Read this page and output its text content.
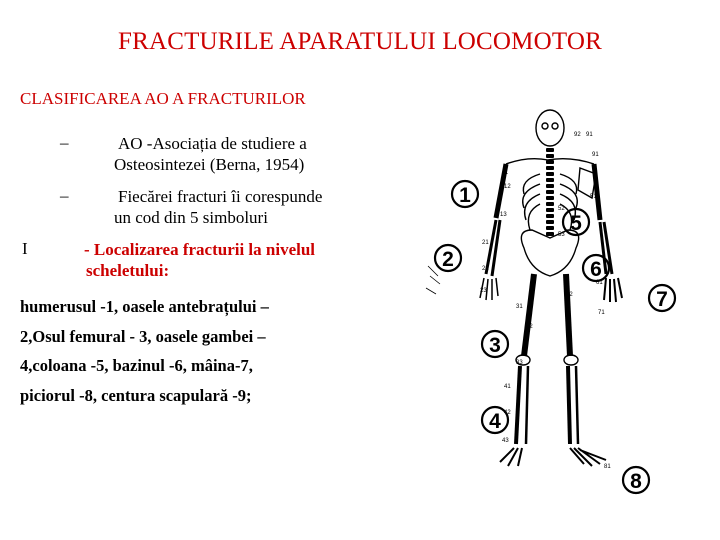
FRACTURILE APARATULUI LOCOMOTOR
CLASIFICAREA AO A FRACTURILOR
–	AO -Asociația de studiere a
Osteosintezei (Berna, 1954)
–	Fiecărei fracturi îi corespunde
un cod din 5 simboluri
I	- Localizarea fracturii la nivelul
scheletului:
humerusul -1, oasele antebrațului –
2,Osul femural - 3, oasele gambei –
4,coloana -5, bazinul -6, mâina-7,
piciorul -8, centura scapulară -9;
1
2
3
4
5
6
7
8
92 91
91
11
12
13
21
22
23
52
51
62
53
31
32
33
41
42
43
61
71
81
